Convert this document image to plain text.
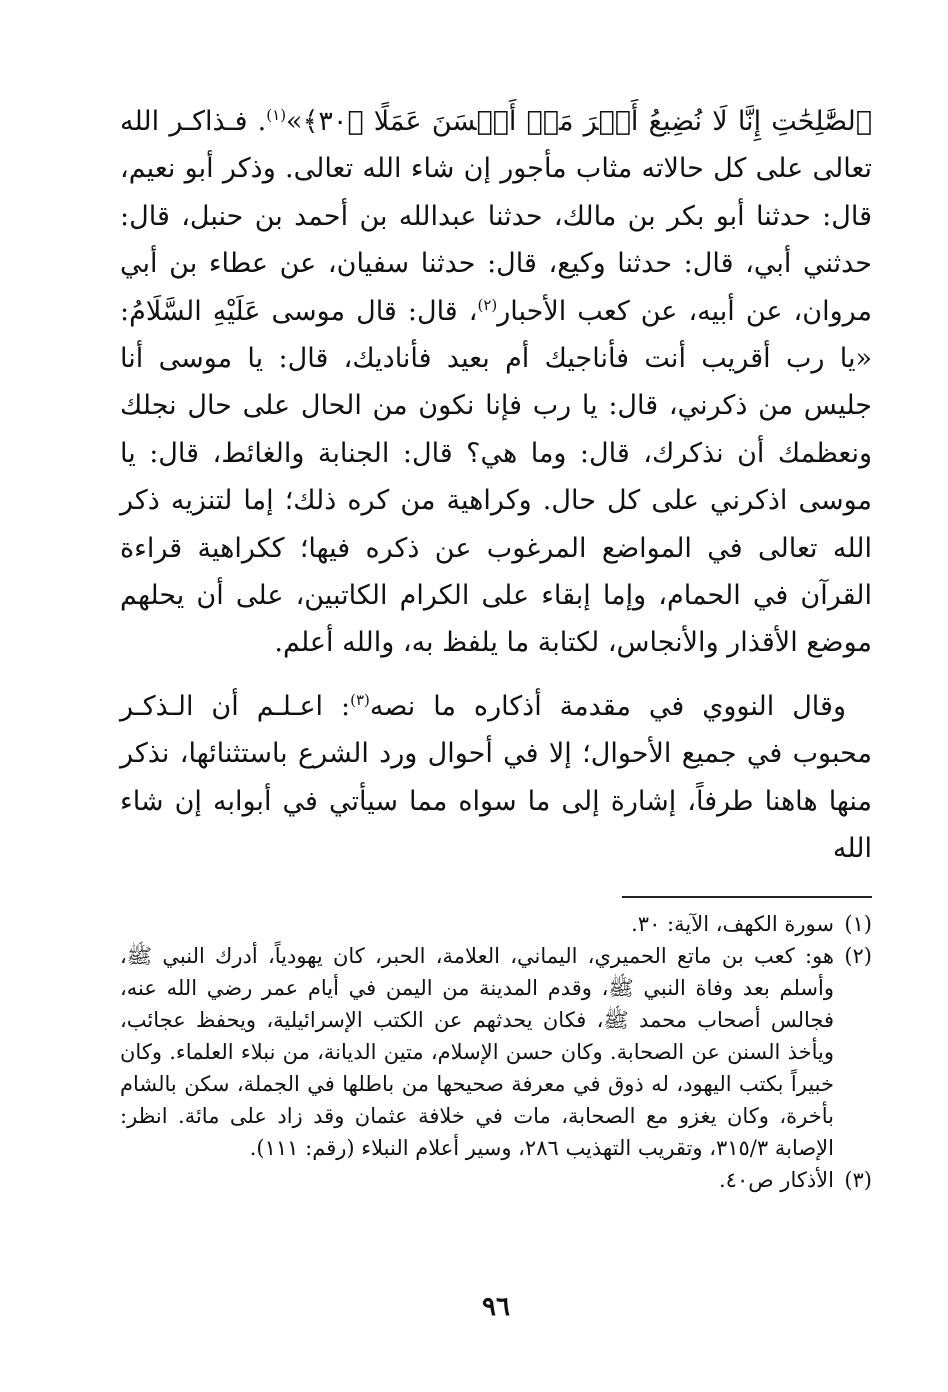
ٱلصَّٰلِحَٰتِ إِنَّا لَا نُضِيعُ أَجۡرَ مَنۡ أَحۡسَنَ عَمَلًا ﴿٣٠﴾»$^{(١)}$. فـذاكـر الله تعالى على كل حالاته مثاب مأجور إن شاء الله تعالى. وذكر أبو نعيم، قال: حدثنا أبو بكر بن مالك، حدثنا عبدالله بن أحمد بن حنبل، قال: حدثني أبي، قال: حدثنا وكيع، قال: حدثنا سفيان، عن عطاء بن أبي مروان، عن أبيه، عن كعب الأحبار$^{(٢)}$، قال: قال موسى عَلَيْهِ السَّلَامُ: «يا رب أقريب أنت فأناجيك أم بعيد فأناديك، قال: يا موسى أنا جليس من ذكرني، قال: يا رب فإنا نكون من الحال على حال نجلك ونعظمك أن نذكرك، قال: وما هي؟ قال: الجنابة والغائط، قال: يا موسى اذكرني على كل حال. وكراهية من كره ذلك؛ إما لتنزيه ذكر الله تعالى في المواضع المرغوب عن ذكره فيها؛ ككراهية قراءة القرآن في الحمام، وإما إبقاء على الكرام الكاتبين، على أن يحلهم موضع الأقذار والأنجاس، لكتابة ما يلفظ به، والله أعلم.

وقال النووي في مقدمة أذكاره ما نصه$^{(٣)}$: اعـلـم أن الـذكـر محبوب في جميع الأحوال؛ إلا في أحوال ورد الشرع باستثنائها، نذكر منها هاهنا طرفاً، إشارة إلى ما سواه مما سيأتي في أبوابه إن شاء الله

(١)
سورة الكهف، الآية: ٣٠.
(٢)
هو: كعب بن ماتع الحميري، اليماني، العلامة، الحبر، كان يهودياً، أدرك النبي ﷺ، وأسلم بعد وفاة النبي ﷺ، وقدم المدينة من اليمن في أيام عمر رضي الله عنه، فجالس أصحاب محمد ﷺ، فكان يحدثهم عن الكتب الإسرائيلية، ويحفظ عجائب، ويأخذ السنن عن الصحابة. وكان حسن الإسلام، متين الديانة، من نبلاء العلماء. وكان خبيراً بكتب اليهود، له ذوق في معرفة صحيحها من باطلها في الجملة، سكن بالشام بأخرة، وكان يغزو مع الصحابة، مات في خلافة عثمان وقد زاد على مائة. انظر: الإصابة ٣١٥/٣، وتقريب التهذيب ٢٨٦، وسير أعلام النبلاء (رقم: ١١١).
(٣)
الأذكار ص٤٠.
٩٦
